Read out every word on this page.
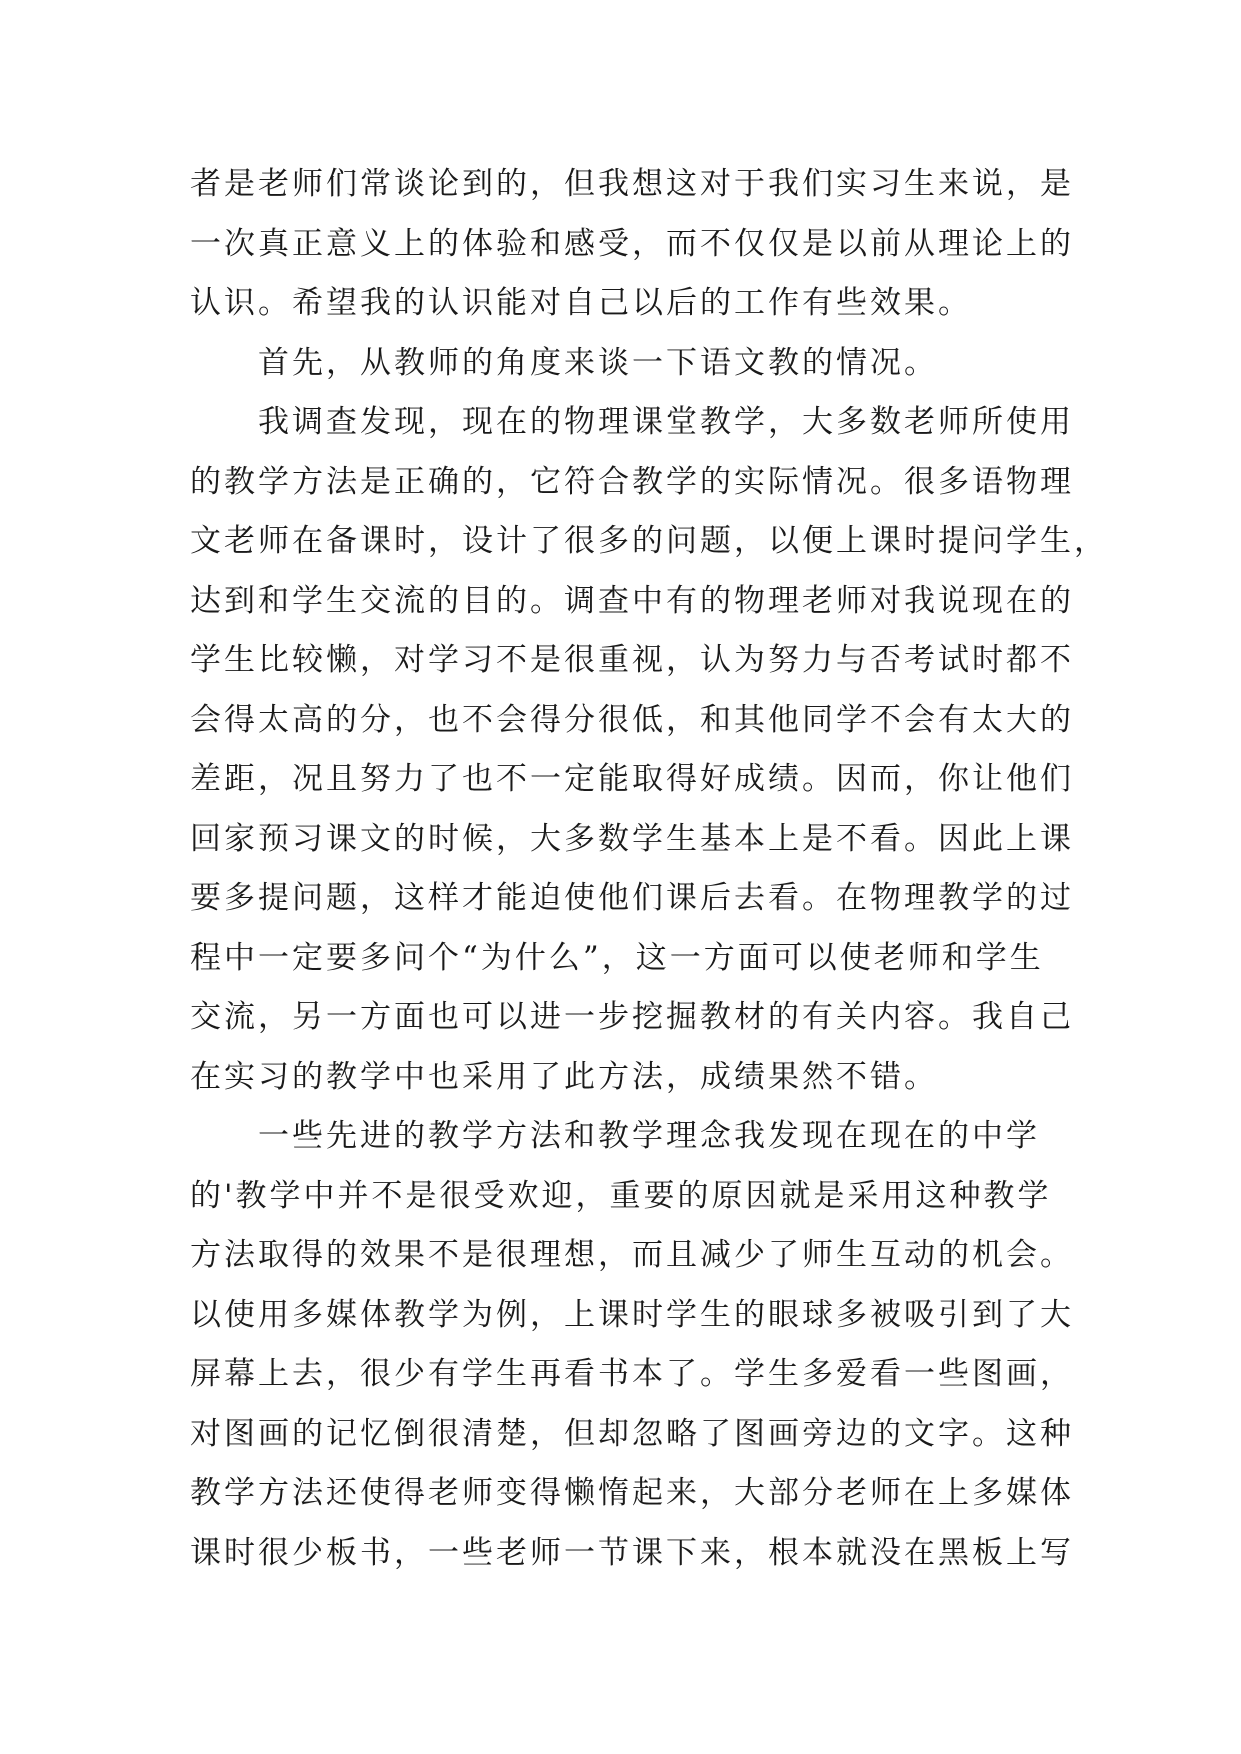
者是老师们常谈论到的，但我想这对于我们实习生来说，是
一次真正意义上的体验和感受，而不仅仅是以前从理论上的
认识。希望我的认识能对自己以后的工作有些效果。
首先，从教师的角度来谈一下语文教的情况。
我调查发现，现在的物理课堂教学，大多数老师所使用
的教学方法是正确的，它符合教学的实际情况。很多语物理
文老师在备课时，设计了很多的问题，以便上课时提问学生，
达到和学生交流的目的。调查中有的物理老师对我说现在的
学生比较懒，对学习不是很重视，认为努力与否考试时都不
会得太高的分，也不会得分很低，和其他同学不会有太大的
差距，况且努力了也不一定能取得好成绩。因而，你让他们
回家预习课文的时候，大多数学生基本上是不看。因此上课
要多提问题，这样才能迫使他们课后去看。在物理教学的过
程中一定要多问个“为什么”，这一方面可以使老师和学生
交流，另一方面也可以进一步挖掘教材的有关内容。我自己
在实习的教学中也采用了此方法，成绩果然不错。
一些先进的教学方法和教学理念我发现在现在的中学
的'教学中并不是很受欢迎，重要的原因就是采用这种教学
方法取得的效果不是很理想，而且减少了师生互动的机会。
以使用多媒体教学为例，上课时学生的眼球多被吸引到了大
屏幕上去，很少有学生再看书本了。学生多爱看一些图画，
对图画的记忆倒很清楚，但却忽略了图画旁边的文字。这种
教学方法还使得老师变得懒惰起来，大部分老师在上多媒体
课时很少板书，一些老师一节课下来，根本就没在黑板上写
